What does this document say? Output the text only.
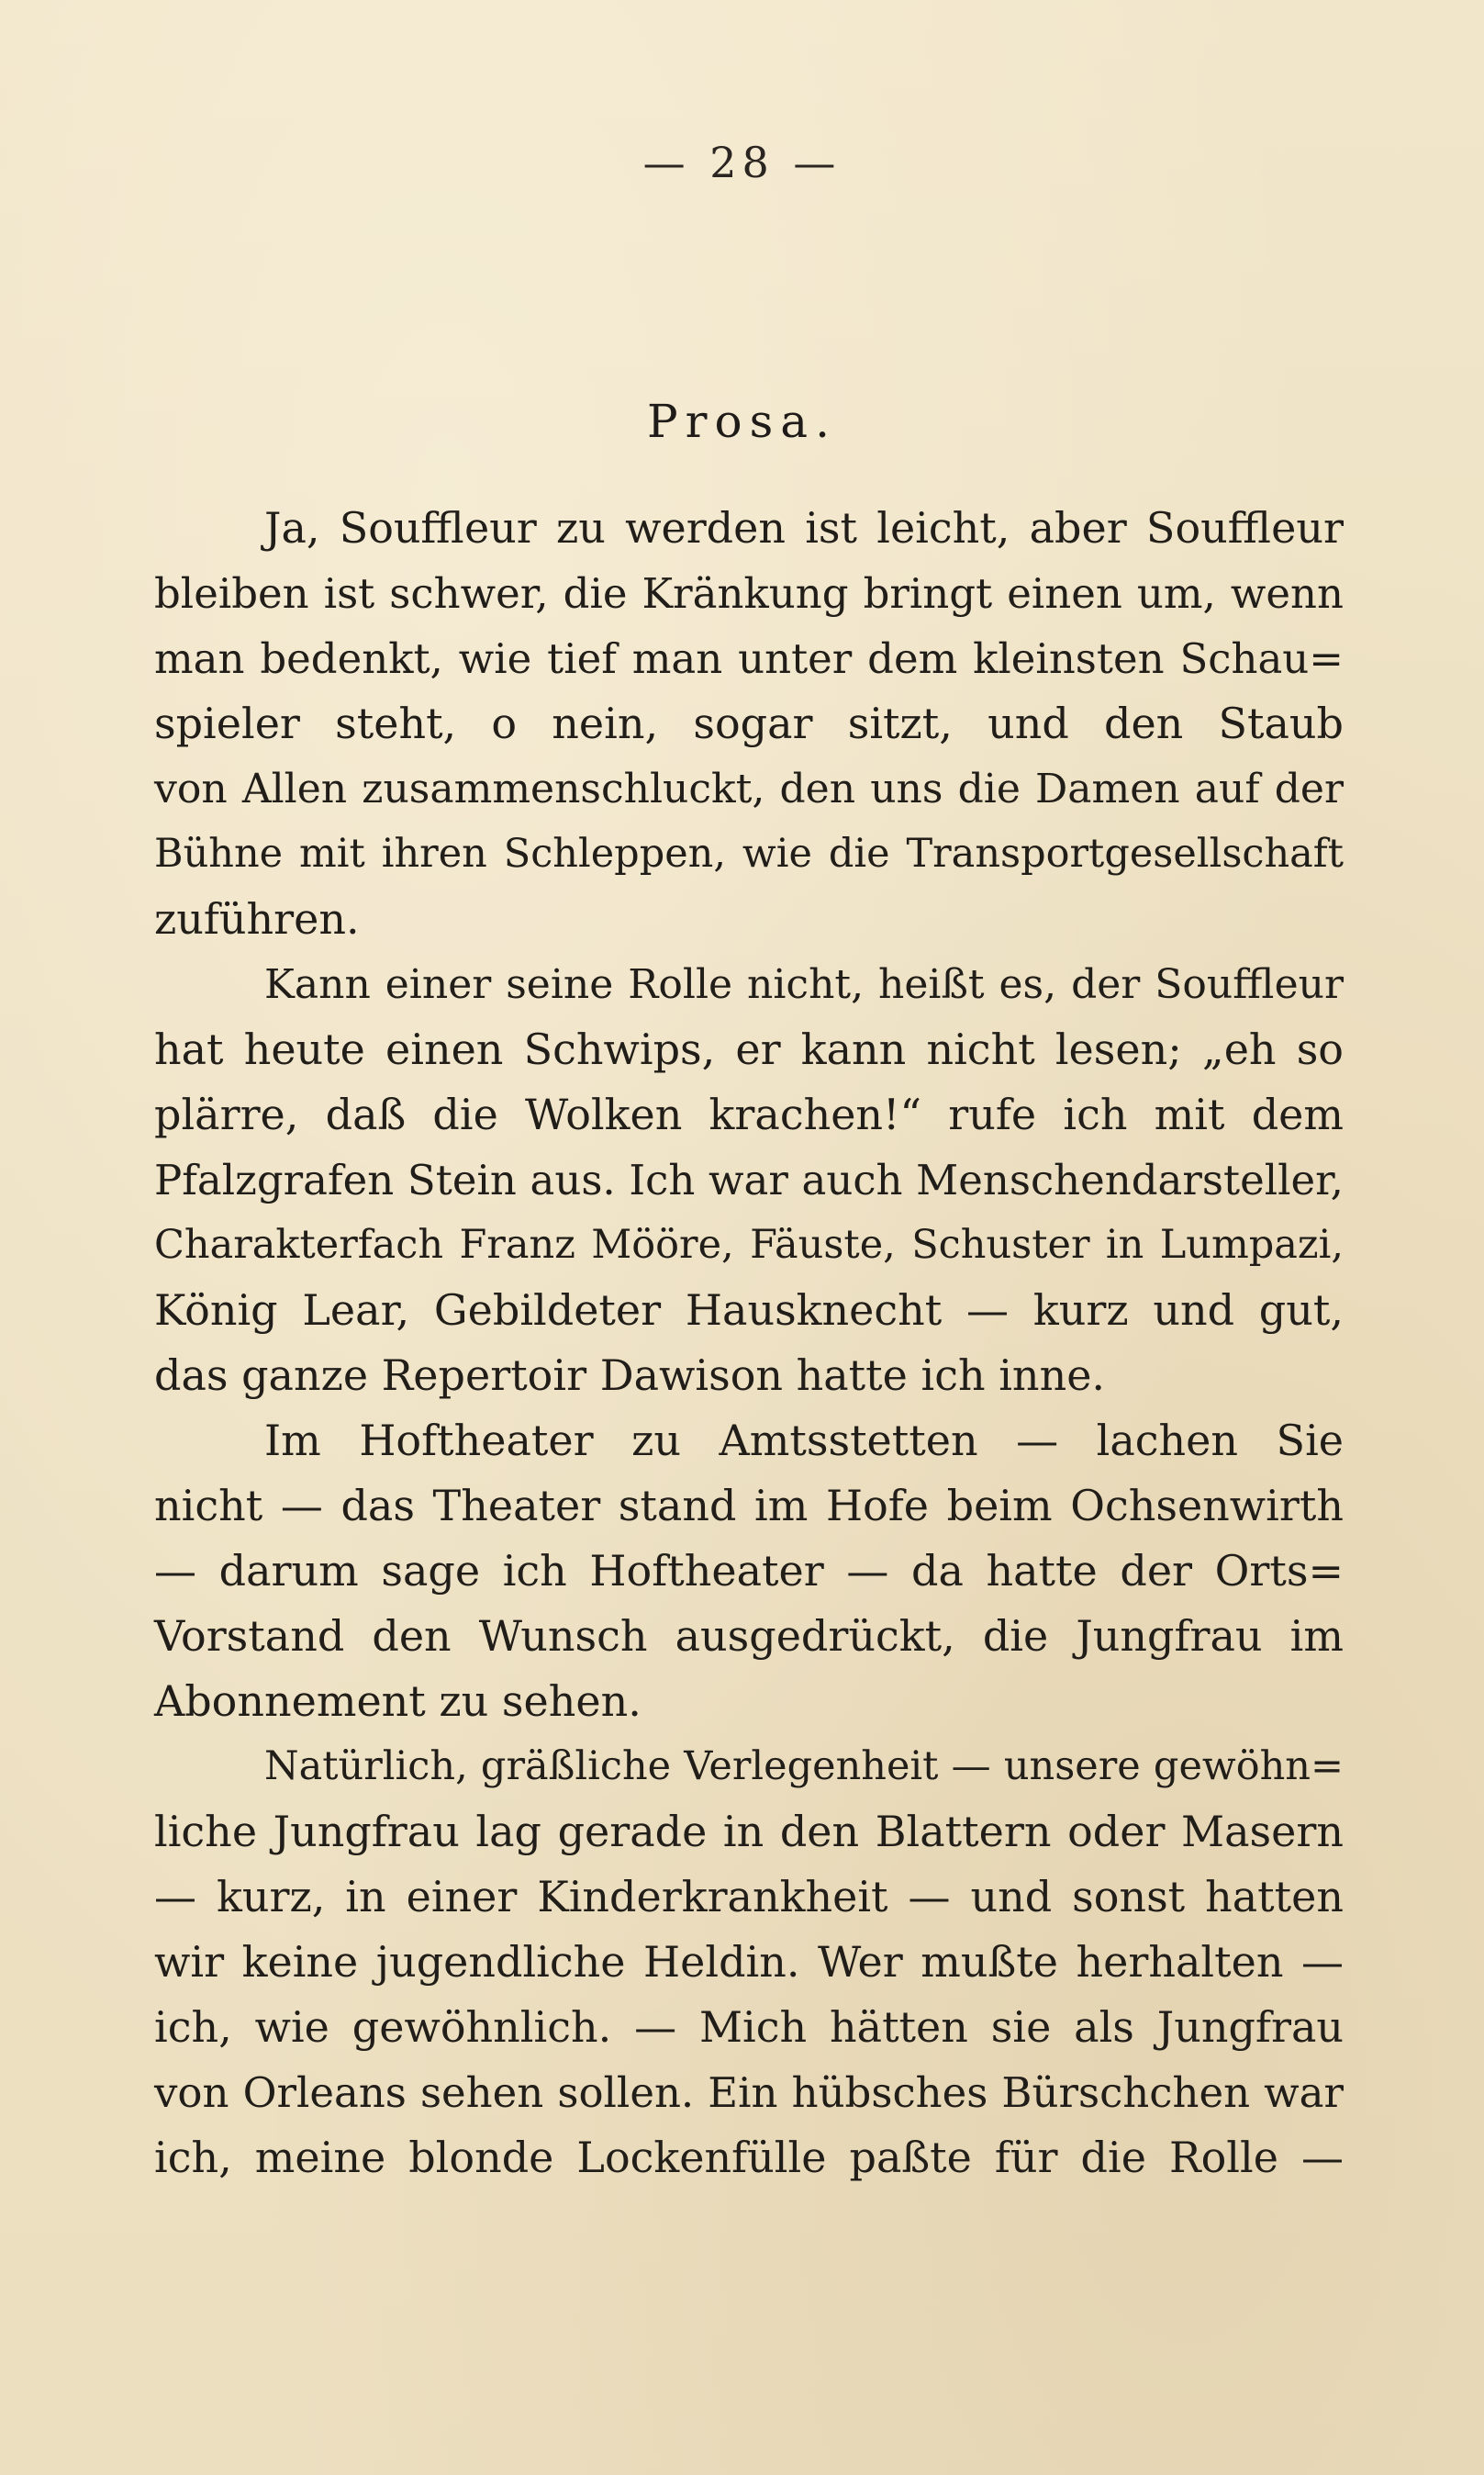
— 28 —
Prosa.
Ja, Souffleur zu werden ist leicht, aber Souffleur
bleiben ist schwer, die Kränkung bringt einen um, wenn
man bedenkt, wie tief man unter dem kleinsten Schau=
spieler steht, o nein, sogar sitzt, und den Staub
von Allen zusammenschluckt, den uns die Damen auf der
Bühne mit ihren Schleppen, wie die Transportgesellschaft
zuführen.
Kann einer seine Rolle nicht, heißt es, der Souffleur
hat heute einen Schwips, er kann nicht lesen; „eh so
plärre, daß die Wolken krachen!“ rufe ich mit dem
Pfalzgrafen Stein aus. Ich war auch Menschendarsteller,
Charakterfach Franz Mööre, Fäuste, Schuster in Lumpazi,
König Lear, Gebildeter Hausknecht — kurz und gut,
das ganze Repertoir Dawison hatte ich inne.
Im Hoftheater zu Amtsstetten — lachen Sie
nicht — das Theater stand im Hofe beim Ochsenwirth
— darum sage ich Hoftheater — da hatte der Orts=
Vorstand den Wunsch ausgedrückt, die Jungfrau im
Abonnement zu sehen.
Natürlich, gräßliche Verlegenheit — unsere gewöhn=
liche Jungfrau lag gerade in den Blattern oder Masern
— kurz, in einer Kinderkrankheit — und sonst hatten
wir keine jugendliche Heldin. Wer mußte herhalten —
ich, wie gewöhnlich. — Mich hätten sie als Jungfrau
von Orleans sehen sollen. Ein hübsches Bürschchen war
ich, meine blonde Lockenfülle paßte für die Rolle —
